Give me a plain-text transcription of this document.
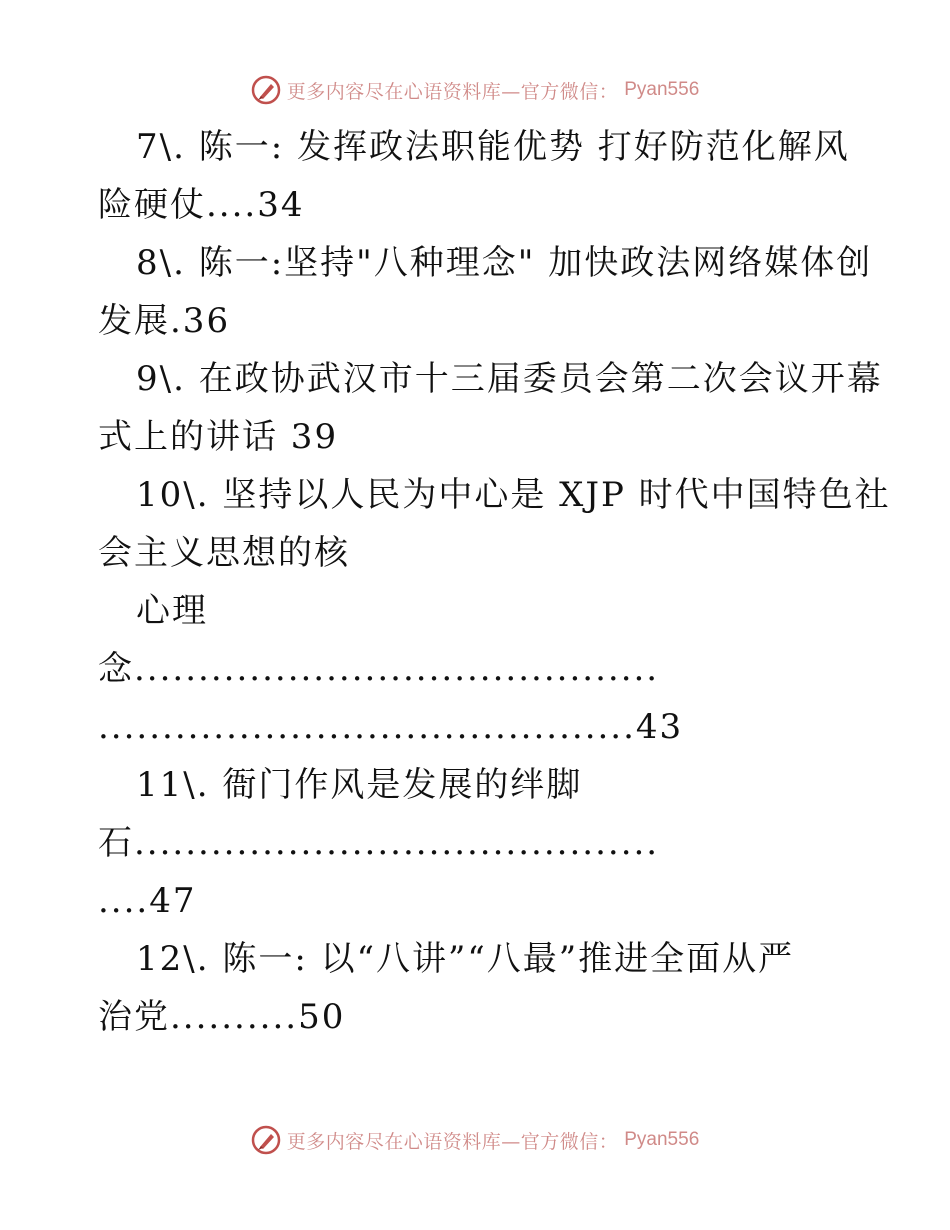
更多内容尽在心语资料库—官方微信： Pyan556
7\. 陈一: 发挥政法职能优势 打好防范化解风
险硬仗....34
8\. 陈一:坚持"八种理念" 加快政法网络媒体创
发展.36
9\. 在政协武汉市十三届委员会第二次会议开幕
式上的讲话 39
10\. 坚持以人民为中心是 XJP 时代中国特色社
会主义思想的核
心理
念.........................................
..........................................43
11\. 衙门作风是发展的绊脚
石.........................................
....47
12\. 陈一: 以“八讲”“八最”推进全面从严
治党..........50
更多内容尽在心语资料库—官方微信： Pyan556
